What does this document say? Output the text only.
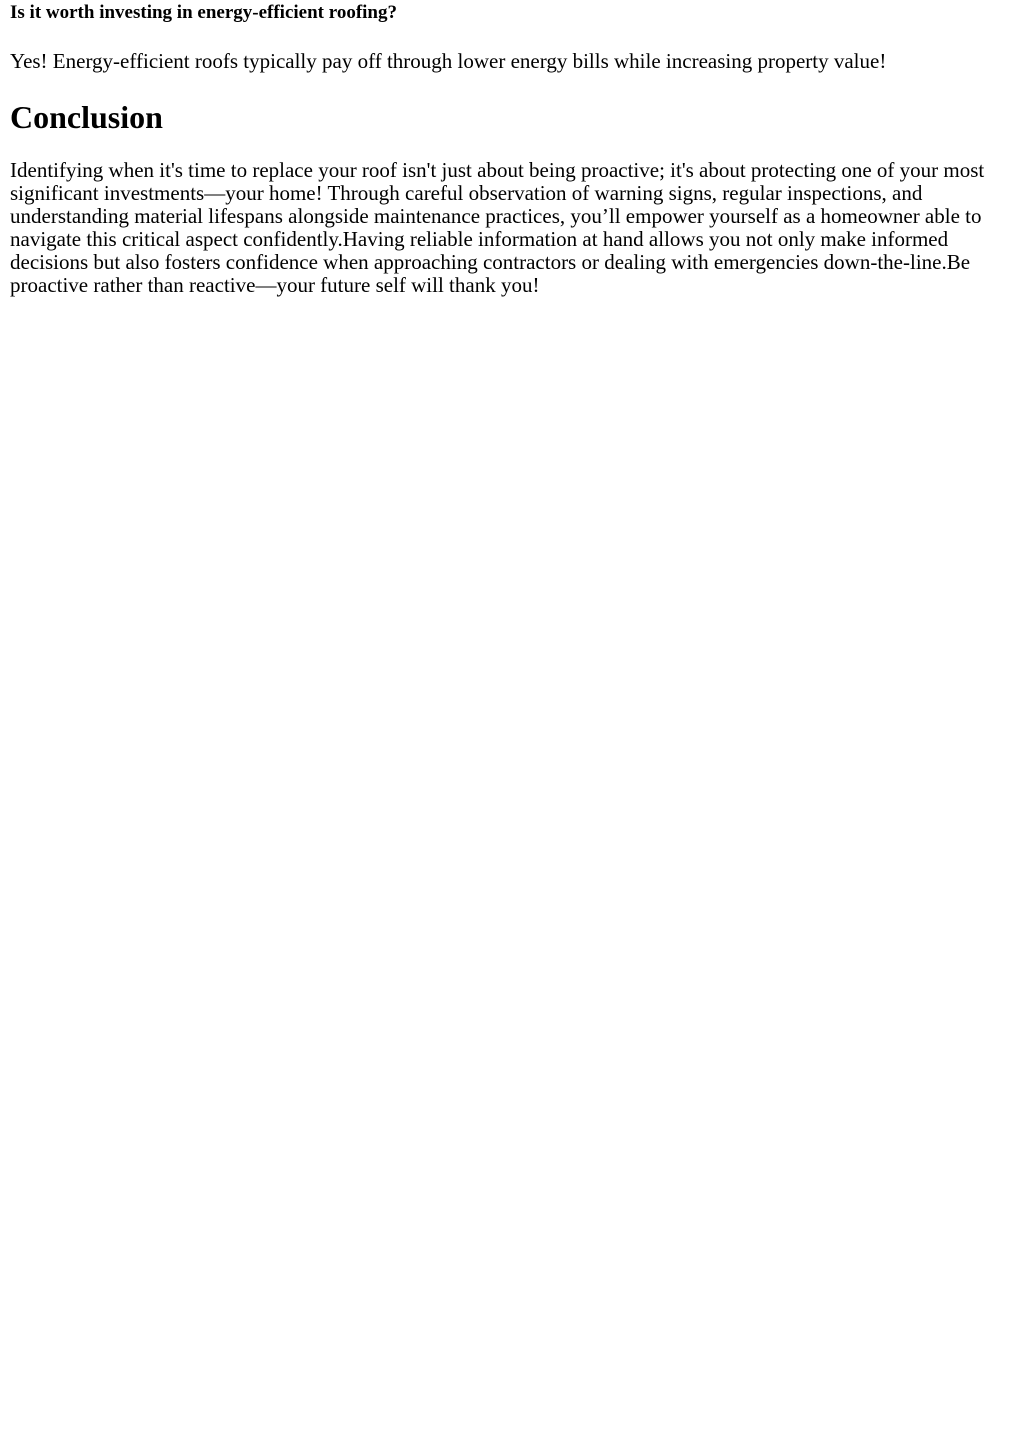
Is it worth investing in energy-efficient roofing?

Yes! Energy-efficient roofs typically pay off through lower energy bills while increasing property value!

Conclusion

Identifying when it's time to replace your roof isn't just about being proactive; it's about protecting one of your most significant investments—your home! Through careful observation of warning signs, regular inspections, and understanding material lifespans alongside maintenance practices, you’ll empower yourself as a homeowner able to navigate this critical aspect confidently.Having reliable information at hand allows you not only make informed decisions but also fosters confidence when approaching contractors or dealing with emergencies down-the-line.Be proactive rather than reactive—your future self will thank you!
